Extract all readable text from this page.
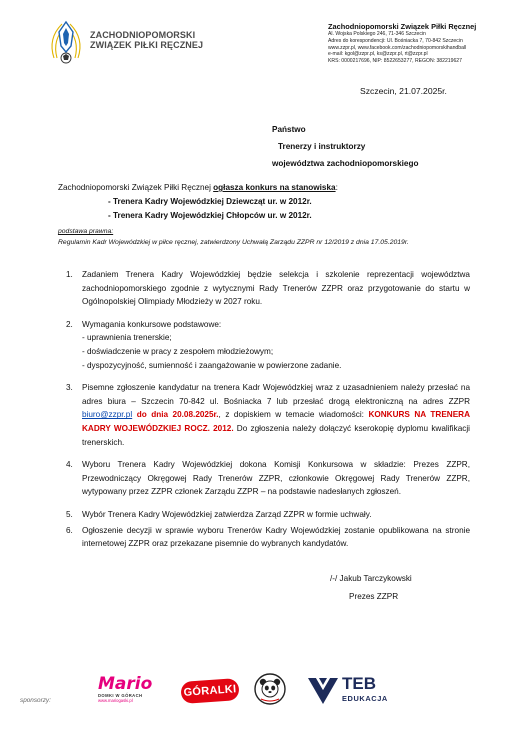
ZACHODNIOPOMORSKI
ZWIĄZEK PIŁKI RĘCZNEJ
Zachodniopomorski Związek Piłki Ręcznej
Al. Wojska Polskiego 246, 71-346 Szczecin
Adres do korespondencji: Ul. Bośniacka 7, 70-842 Szczecin
www.zzpr.pl, www.facebook.com/zachodniopomorskihandball
e-mail: kgol@zzpr.pl, ks@zzpr.pl, rt@zzpr.pl
KRS: 0000217696, NIP: 8522653277, REGON: 382219627
Szczecin, 21.07.2025r.
Państwo
Trenerzy i instruktorzy
województwa zachodniopomorskiego
Zachodniopomorski Związek Piłki Ręcznej ogłasza konkurs na stanowiska:
- Trenera Kadry Wojewódzkiej Dziewcząt ur. w 2012r.
- Trenera Kadry Wojewódzkiej Chłopców ur. w 2012r.
podstawa prawna:
Regulamin Kadr Wojewódzkiej w piłce ręcznej, zatwierdzony Uchwałą Zarządu ZZPR nr 12/2019 z dnia 17.05.2019r.
1. Zadaniem Trenera Kadry Wojewódzkiej będzie selekcja i szkolenie reprezentacji województwa zachodniopomorskiego zgodnie z wytycznymi Rady Trenerów ZZPR oraz przygotowanie do startu w Ogólnopolskiej Olimpiady Młodzieży w 2027 roku.
2. Wymagania konkursowe podstawowe:
- uprawnienia trenerskie;
- doświadczenie w pracy z zespołem młodzieżowym;
- dyspozycyjność, sumienność i zaangażowanie w powierzone zadanie.
3. Pisemne zgłoszenie kandydatur na trenera Kadr Wojewódzkiej wraz z uzasadnieniem należy przesłać na adres biura – Szczecin 70-842 ul. Bośniacka 7 lub przesłać drogą elektroniczną na adres ZZPR biuro@zzpr.pl do dnia 20.08.2025r., z dopiskiem w temacie wiadomości: KONKURS NA TRENERA KADRY WOJEWÓDZKIEJ ROCZ. 2012. Do zgłoszenia należy dołączyć kserokopię dyplomu kwalifikacji trenerskich.
4. Wyboru Trenera Kadry Wojewódzkiej dokona Komisji Konkursowa w składzie: Prezes ZZPR, Przewodniczący Okręgowej Rady Trenerów ZZPR, członkowie Okręgowej Rady Trenerów ZZPR, wytypowany przez ZZPR członek Zarządu ZZPR – na podstawie nadesłanych zgłoszeń.
5. Wybór Trenera Kadry Wojewódzkiej zatwierdza Zarząd ZZPR w formie uchwały.
6. Ogłoszenie decyzji w sprawie wyboru Trenerów Kadry Wojewódzkiej zostanie opublikowana na stronie internetowej ZZPR oraz przekazane pisemnie do wybranych kandydatów.
/-/ Jakub Tarczykowski
Prezes ZZPR
sponsorzy:
Mario
DOMKI W GÓRACH
www.mariogaski.pl
GÓRALKI	TEB
EDUKACJA
